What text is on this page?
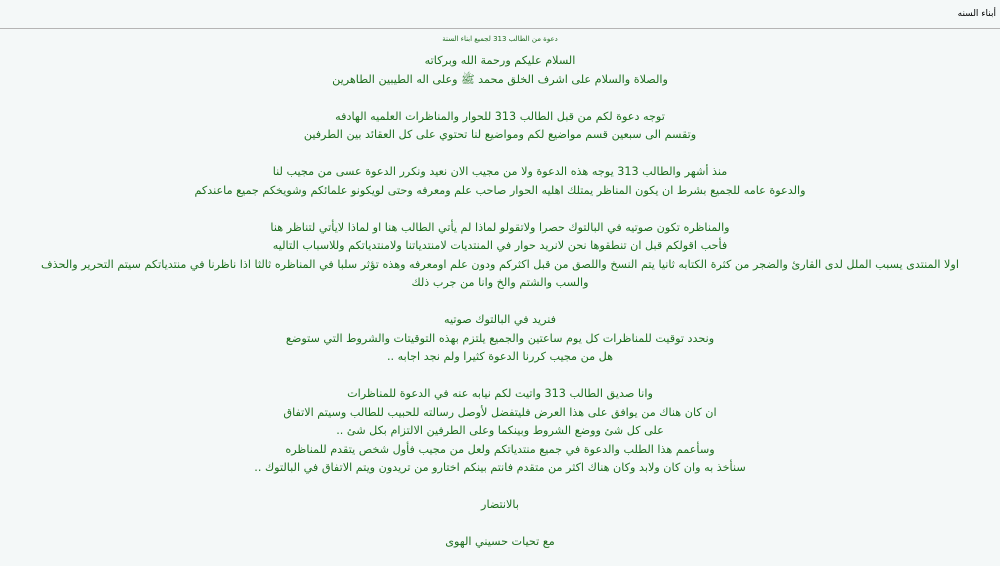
أبناء السنه
دعوة من الطالب 313 لجميع ابناء السنة
السلام عليكم ورحمة الله وبركاته
والصلاة والسلام على اشرف الخلق محمد ﷺ وعلى اله الطيبين الطاهرين
توجه دعوة لكم من قبل الطالب 313 للحوار والمناظرات العلميه الهادفه
وتقسم الى سبعين قسم مواضيع لكم ومواضيع لنا تحتوي على كل العقائد بين الطرفين
منذ أشهر والطالب 313 يوجه هذه الدعوة ولا من مجيب الان نعيد ونكرر الدعوة عسى من مجيب لنا
والدعوة عامه للجميع بشرط ان يكون المناظر يمتلك اهليه الحوار صاحب علم ومعرفه وحتى لويكونو علمائكم وشويخكم جميع ماعندكم
والمناظره تكون صوتيه في البالتوك حصرا ولاتقولو لماذا لم يأتي الطالب هنا او لماذا لايأتي لتناظر هنا
فأحب اقولكم قبل ان تنطقوها نحن لانريد حوار في المنتديات لامنتدياتنا ولامنتدياتكم وللاسباب التاليه
اولا المنتدى يسبب الملل لدى القارئ والضجر من كثرة الكتابه ثانيا يتم النسخ واللصق من قبل اكثركم ودون علم اومعرفه وهذه تؤثر سلبا في المناظره ثالثا اذا ناظرنا في منتدياتكم سيتم التحرير والحذف
والسب والشتم والخ وانا من جرب ذلك
فنريد في البالتوك صوتيه
ونحدد توقيت للمناظرات كل يوم ساعتين والجميع يلتزم بهذه التوقيتات والشروط التي ستوضع
هل من مجيب كررنا الدعوة كثيرا ولم نجد اجابه ..
وانا صديق الطالب 313 واتيت لكم نيابه عنه في الدعوة للمناظرات
ان كان هناك من يوافق على هذا العرض فليتفضل لأوصل رسالته للحبيب للطالب وسيتم الاتفاق
على كل شئ ووضع الشروط وبينكما وعلى الطرفين الالتزام بكل شئ ..
وسأعمم هذا الطلب والدعوة في جميع منتدياتكم ولعل من مجيب فأول شخص يتقدم للمناظره
سنأخذ به وان كان ولابد وكان هناك اكثر من متقدم فانتم بينكم اختارو من تريدون ويتم الاتفاق في البالتوك ..
بالانتضار
مع تحيات حسيني الهوى
